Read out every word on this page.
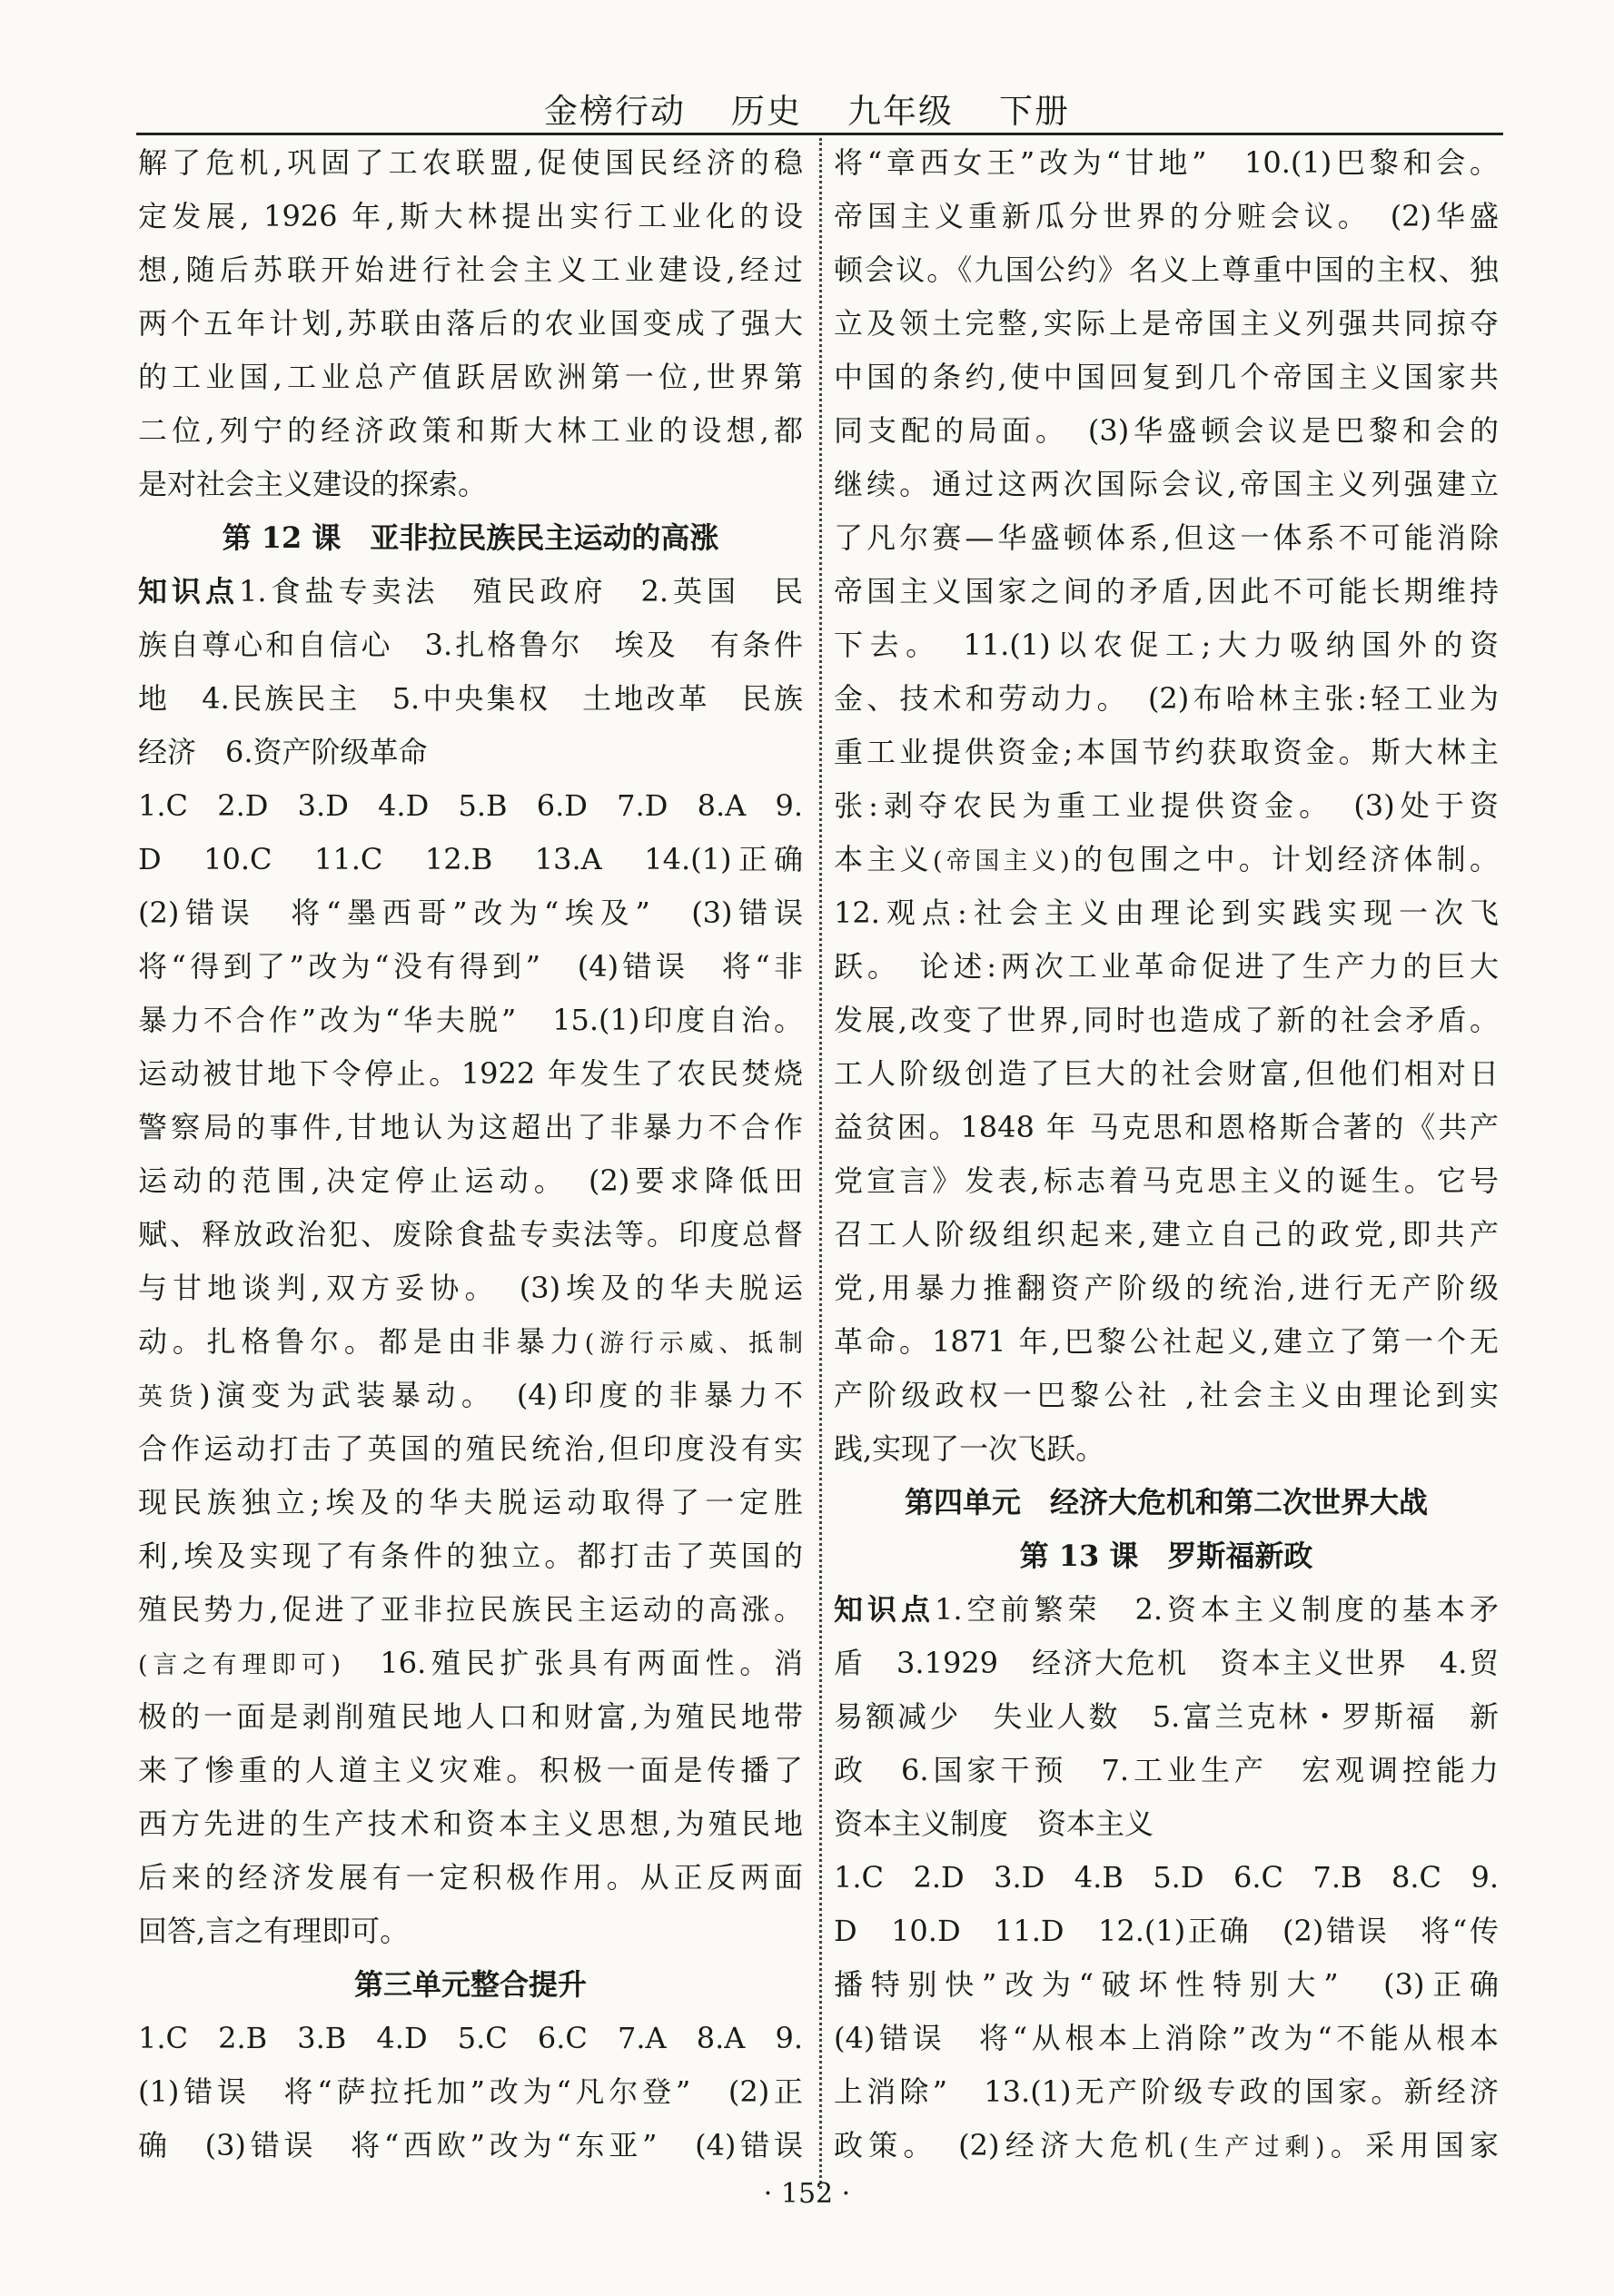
金榜行动 历史 九年级 下册
解了危机,巩固了工农联盟,促使国民经济的稳
定发展, 1926 年,斯大林提出实行工业化的设
想,随后苏联开始进行社会主义工业建设,经过
两个五年计划,苏联由落后的农业国变成了强大
的工业国,工业总产值跃居欧洲第一位,世界第
二位,列宁的经济政策和斯大林工业的设想,都
是对社会主义建设的探索。
第 12 课　亚非拉民族民主运动的高涨
知识点1.食盐专卖法　殖民政府　2.英国　民
族自尊心和自信心　3.扎格鲁尔　埃及　有条件
地　4.民族民主　5.中央集权　土地改革　民族
经济　6.资产阶级革命
1.C　2.D　3.D　4.D　5.B　6.D　7.D　8.A　9.
D　10.C　11.C　12.B　13.A　14.(1)正确
(2)错误　将“墨西哥”改为“埃及”　(3)错误
将“得到了”改为“没有得到”　(4)错误　将“非
暴力不合作”改为“华夫脱”　15.(1)印度自治。
运动被甘地下令停止。1922 年发生了农民焚烧
警察局的事件,甘地认为这超出了非暴力不合作
运动的范围,决定停止运动。　(2)要求降低田
赋、释放政治犯、废除食盐专卖法等。印度总督
与甘地谈判,双方妥协。　(3)埃及的华夫脱运
动。扎格鲁尔。都是由非暴力(游行示威、抵制
英货)演变为武装暴动。　(4)印度的非暴力不
合作运动打击了英国的殖民统治,但印度没有实
现民族独立;埃及的华夫脱运动取得了一定胜
利,埃及实现了有条件的独立。都打击了英国的
殖民势力,促进了亚非拉民族民主运动的高涨。
(言之有理即可)　16.殖民扩张具有两面性。消
极的一面是剥削殖民地人口和财富,为殖民地带
来了惨重的人道主义灾难。积极一面是传播了
西方先进的生产技术和资本主义思想,为殖民地
后来的经济发展有一定积极作用。从正反两面
回答,言之有理即可。
第三单元整合提升
1.C　2.B　3.B　4.D　5.C　6.C　7.A　8.A　9.
(1)错误　将“萨拉托加”改为“凡尔登”　(2)正
确　(3)错误　将“西欧”改为“东亚”　(4)错误
将“章西女王”改为“甘地”　10.(1)巴黎和会。
帝国主义重新瓜分世界的分赃会议。　(2)华盛
顿会议。《九国公约》名义上尊重中国的主权、独
立及领土完整,实际上是帝国主义列强共同掠夺
中国的条约,使中国回复到几个帝国主义国家共
同支配的局面。　(3)华盛顿会议是巴黎和会的
继续。通过这两次国际会议,帝国主义列强建立
了凡尔赛—华盛顿体系,但这一体系不可能消除
帝国主义国家之间的矛盾,因此不可能长期维持
下去。　11.(1)以农促工;大力吸纳国外的资
金、技术和劳动力。　(2)布哈林主张:轻工业为
重工业提供资金;本国节约获取资金。斯大林主
张:剥夺农民为重工业提供资金。　(3)处于资
本主义(帝国主义)的包围之中。计划经济体制。
12.观点:社会主义由理论到实践实现一次飞
跃。　论述:两次工业革命促进了生产力的巨大
发展,改变了世界,同时也造成了新的社会矛盾。
工人阶级创造了巨大的社会财富,但他们相对日
益贫困。1848 年 马克思和恩格斯合著的《共产
党宣言》发表,标志着马克思主义的诞生。它号
召工人阶级组织起来,建立自己的政党,即共产
党,用暴力推翻资产阶级的统治,进行无产阶级
革命。1871 年,巴黎公社起义,建立了第一个无
产阶级政权一巴黎公社 ,社会主义由理论到实
践,实现了一次飞跃。
第四单元　经济大危机和第二次世界大战
第 13 课　罗斯福新政
知识点1.空前繁荣　2.资本主义制度的基本矛
盾　3.1929　经济大危机　资本主义世界　4.贸
易额减少　失业人数　5.富兰克林・罗斯福　新
政　6.国家干预　7.工业生产　宏观调控能力
资本主义制度　资本主义
1.C　2.D　3.D　4.B　5.D　6.C　7.B　8.C　9.
D　10.D　11.D　12.(1)正确　(2)错误　将“传
播特别快”改为“破坏性特别大”　(3)正确
(4)错误　将“从根本上消除”改为“不能从根本
上消除”　13.(1)无产阶级专政的国家。新经济
政策。　(2)经济大危机(生产过剩)。采用国家
· 152 ·
